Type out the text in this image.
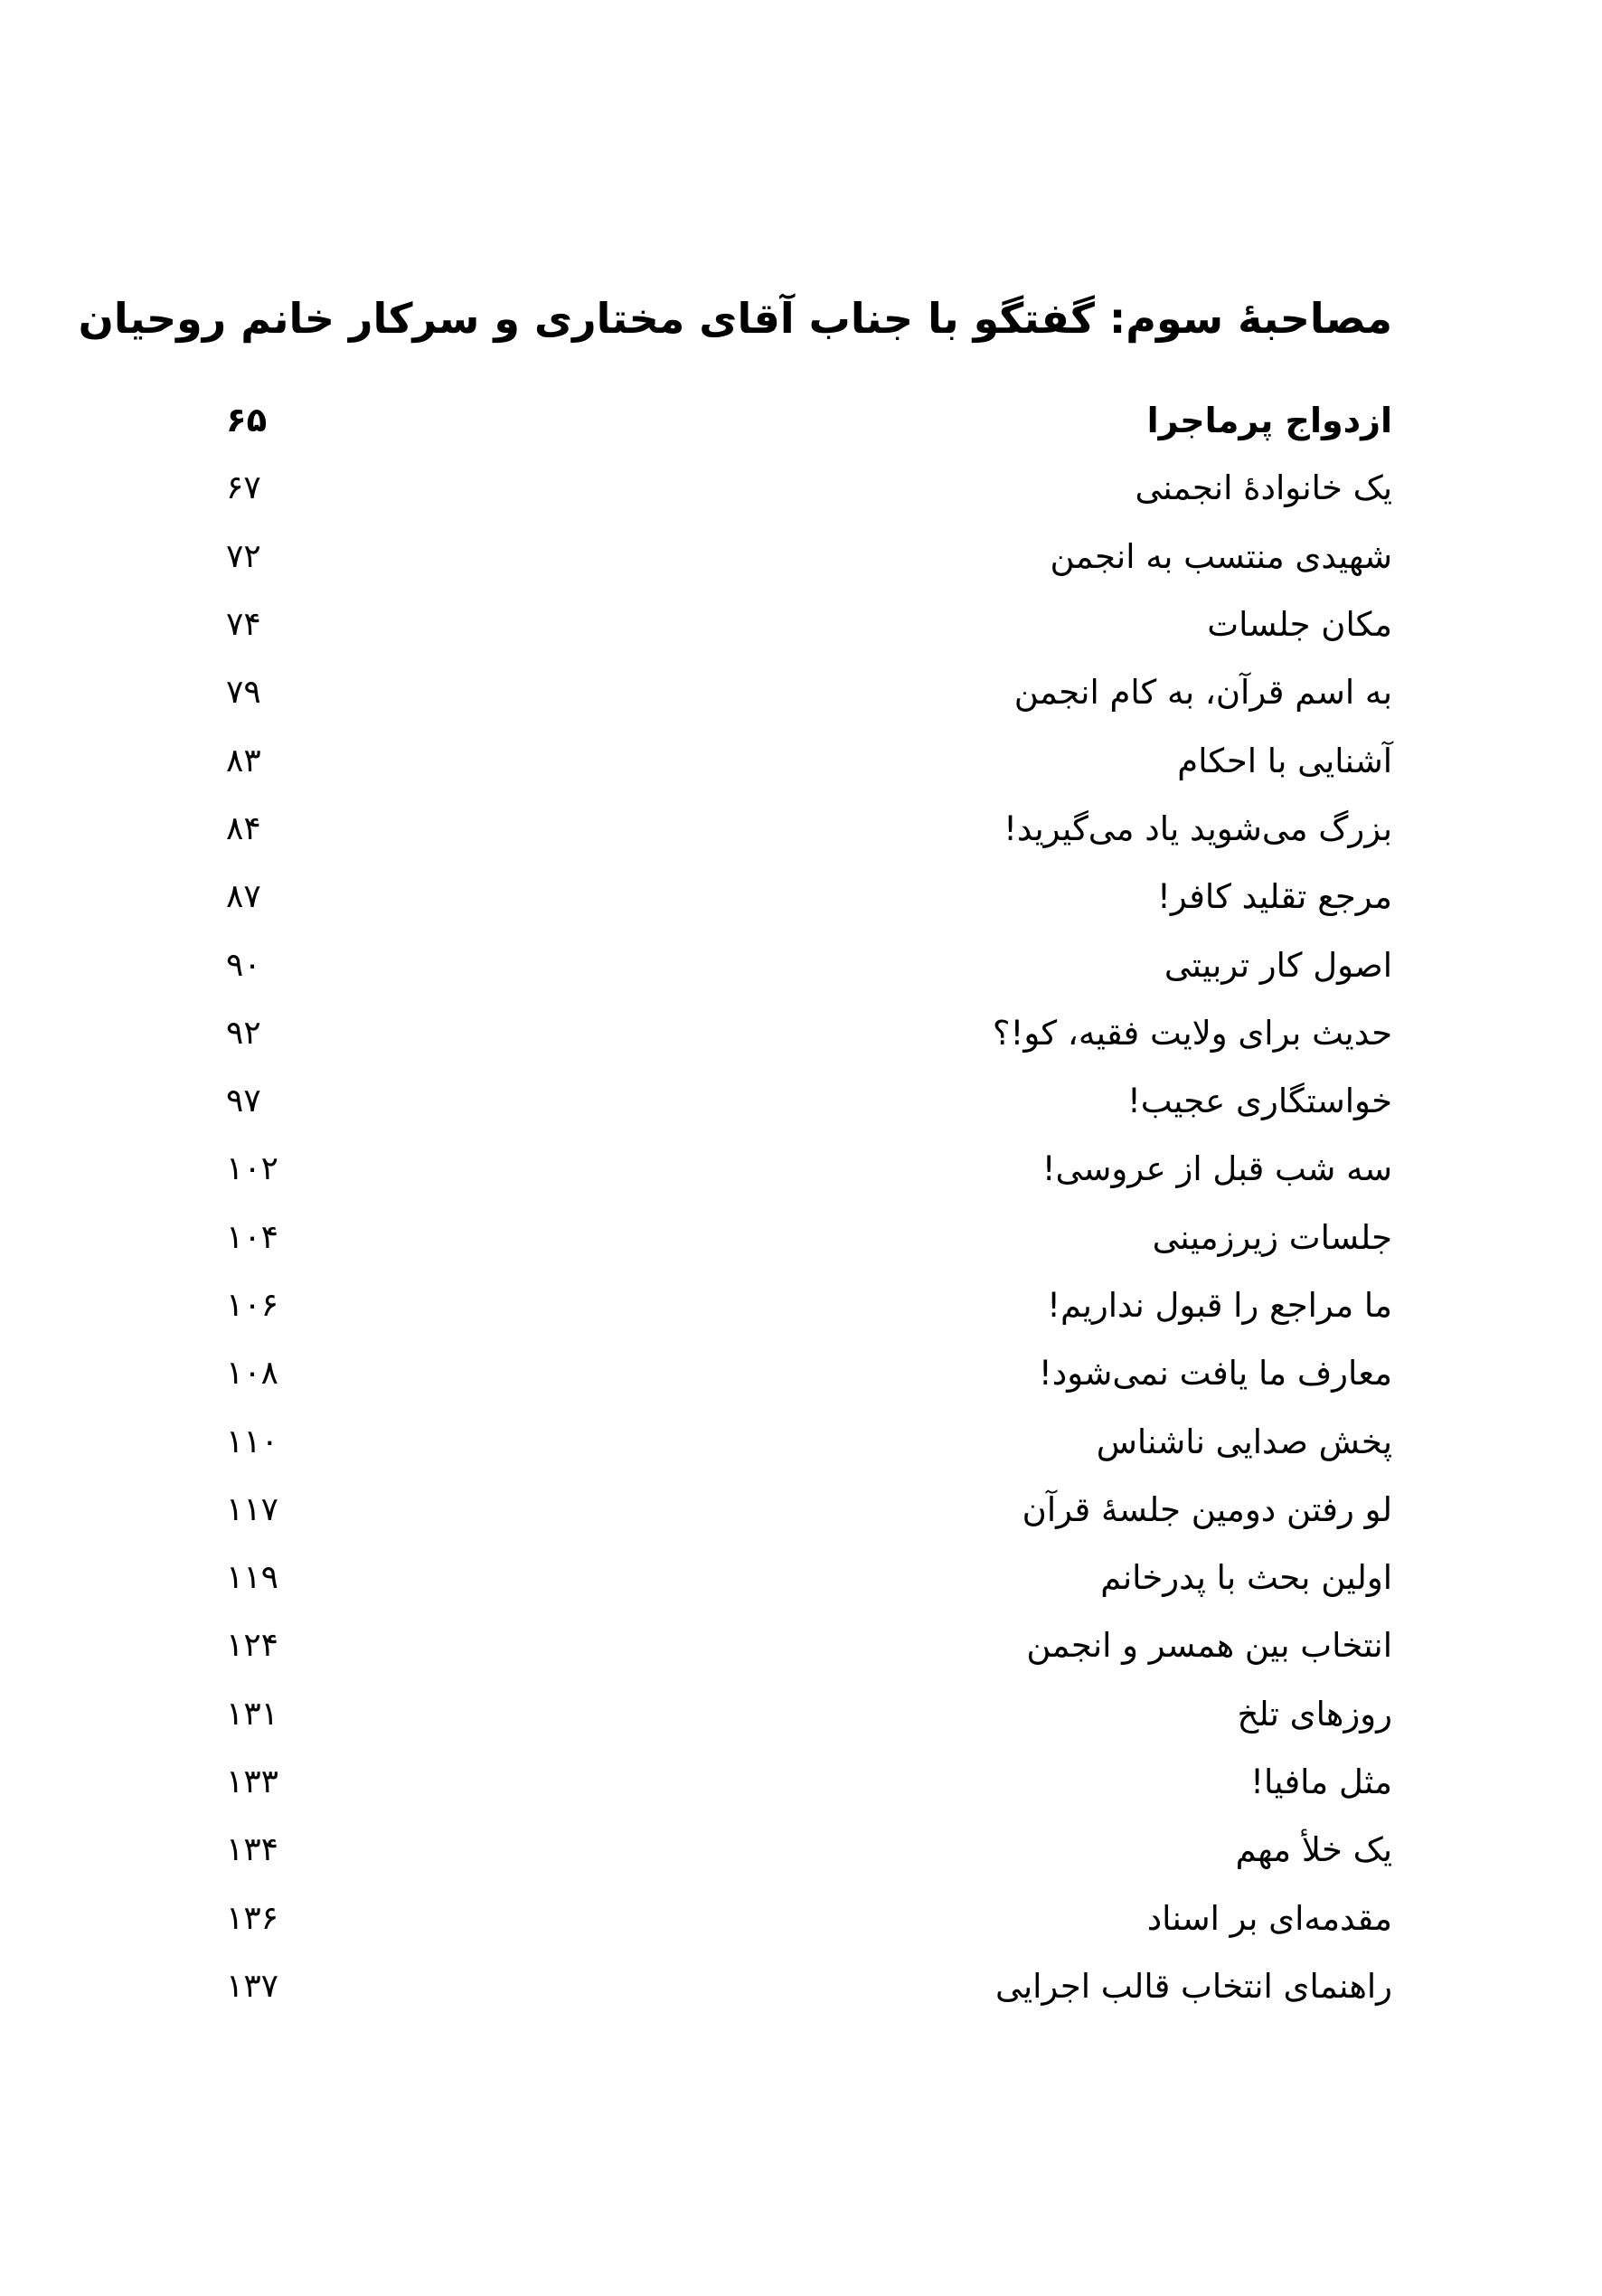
مصاحبهٔ سوم: گفتگو با جناب آقای مختاری و سرکار خانم روحیان
ازدواج پرماجرا
۶۵
یک خانوادهٔ انجمنی
۶۷
شهیدی منتسب به انجمن
۷۲
مکان جلسات
۷۴
به اسم قرآن، به کام انجمن
۷۹
آشنایی با احکام
۸۳
بزرگ می‌شوید یاد می‌گیرید!
۸۴
مرجع تقلید کافر!
۸۷
اصول کار تربیتی
۹۰
حدیث برای ولایت فقیه، کو!؟
۹۲
خواستگاری عجیب!
۹۷
سه شب قبل از عروسی!
۱۰۲
جلسات زیرزمینی
۱۰۴
ما مراجع را قبول نداریم!
۱۰۶
معارف ما یافت نمی‌شود!
۱۰۸
پخش صدایی ناشناس
۱۱۰
لو رفتن دومین جلسهٔ قرآن
۱۱۷
اولین بحث با پدرخانم
۱۱۹
انتخاب بین همسر و انجمن
۱۲۴
روزهای تلخ
۱۳۱
مثل مافیا!
۱۳۳
یک خلأ مهم
۱۳۴
مقدمه‌ای بر اسناد
۱۳۶
راهنمای انتخاب قالب اجرایی
۱۳۷
